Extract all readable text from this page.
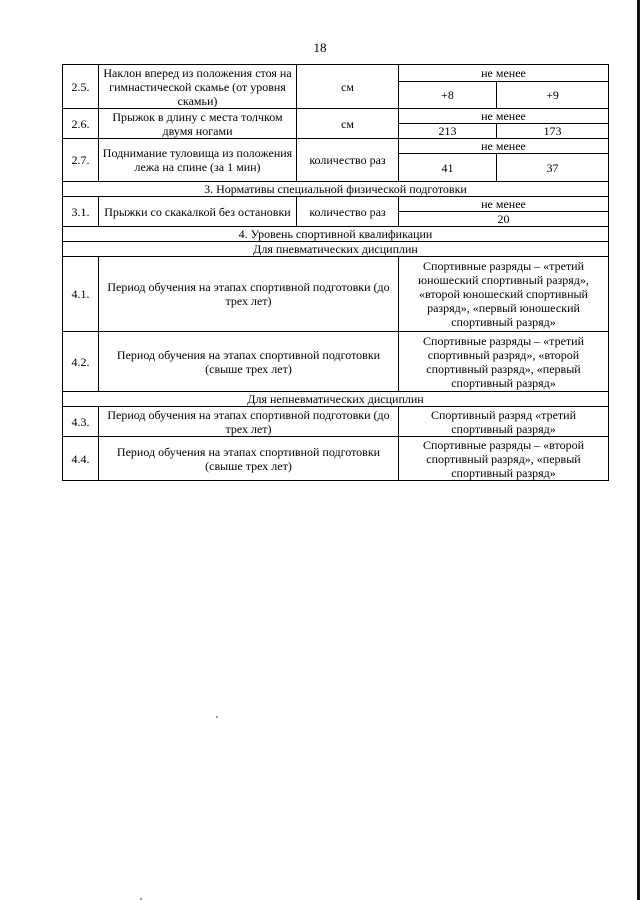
18
2.5.	Наклон вперед из положения стоя на гимнастической скамье (от уровня скамьи)	см	не менее	
			+8	+9
2.6.	Прыжок в длину с места толчком двумя ногами	см	не менее	
			213	173
2.7.	Поднимание туловища из положения лежа на спине (за 1 мин)	количество раз	не менее	
			41	37
3. Нормативы специальной физической подготовки				
3.1.	Прыжки со скакалкой без остановки	количество раз	не менее	
			20	
4. Уровень спортивной квалификации				
Для пневматических дисциплин				
4.1.	Период обучения на этапах спортивной подготовки (до трех лет)		Спортивные разряды – «третий юношеский спортивный разряд», «второй юношеский спортивный разряд», «первый юношеский спортивный разряд»	
4.2.	Период обучения на этапах спортивной подготовки (свыше трех лет)		Спортивные разряды – «третий спортивный разряд», «второй спортивный разряд», «первый спортивный разряд»	
Для непневматических дисциплин				
4.3.	Период обучения на этапах спортивной подготовки (до трех лет)		Спортивный разряд «третий спортивный разряд»	
4.4.	Период обучения на этапах спортивной подготовки (свыше трех лет)		Спортивные разряды – «второй спортивный разряд», «первый спортивный разряд»	
